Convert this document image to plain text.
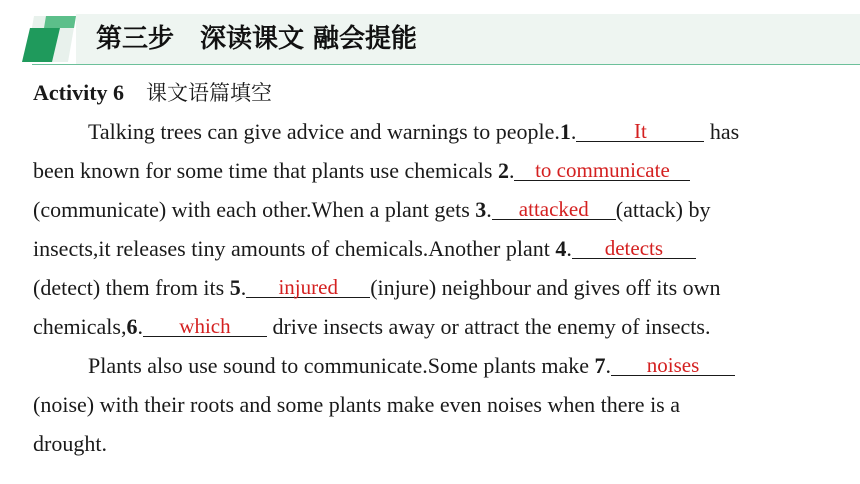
第三步　深读课文 融会提能
Activity 6 课文语篇填空
Talking trees can give advice and warnings to people.1.	It	has
been known for some time that plants use chemicals 2. to communicate
(communicate) with each other.When a plant gets 3.	attacked	(attack) by
insects,it releases tiny amounts of chemicals.Another plant 4.	detects
(detect) them from its 5.	injured	(injure) neighbour and gives off its own
chemicals,6.	which	drive insects away or attract the enemy of insects.
Plants also use sound to communicate.Some plants make 7.	noises
(noise) with their roots and some plants make even noises when there is a
drought.
